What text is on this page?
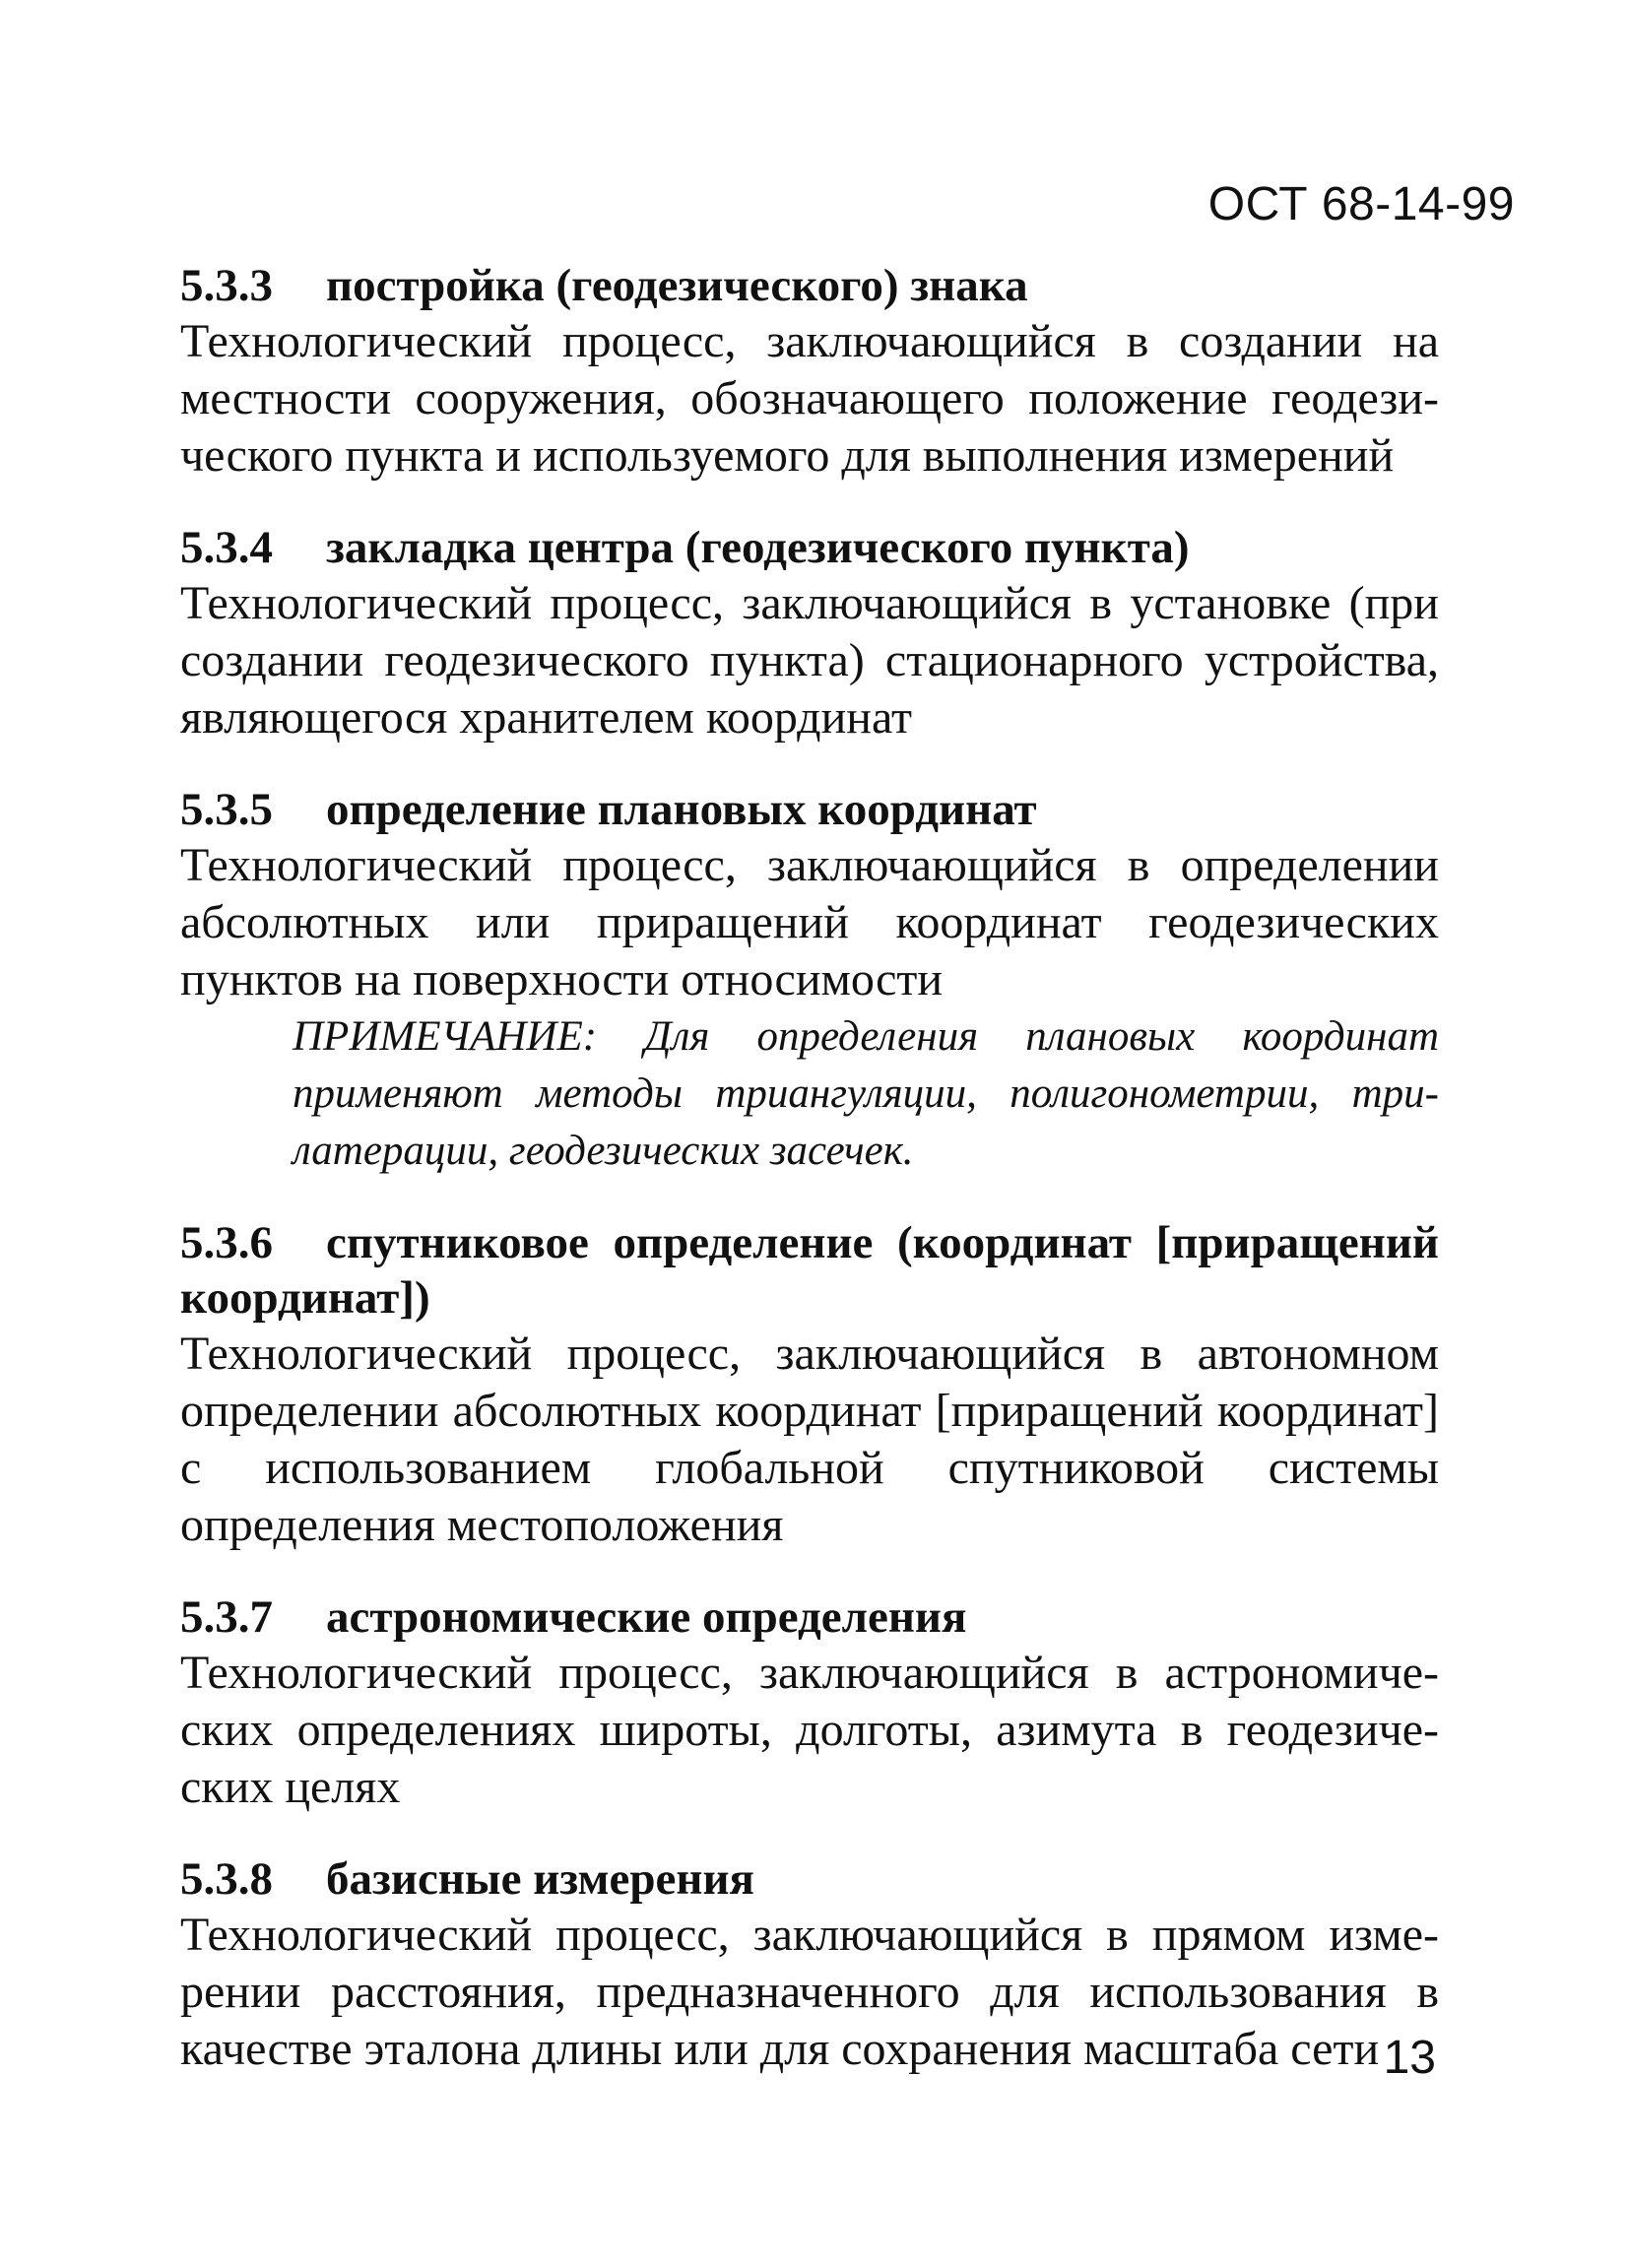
ОСТ 68-14-99

5.3.3 постройка (геодезического) знака

Технологический процесс, заключающийся в создании на местности сооружения, обозначающего положение геодезического пункта и используемого для выполнения измерений

5.3.4 закладка центра (геодезического пункта)

Технологический процесс, заключающийся в установке (при создании геодезического пункта) стационарного устройства, являющегося хранителем координат

5.3.5 определение плановых координат

Технологический процесс, заключающийся в определении абсолютных или приращений координат геодезических пунктов на поверхности относимости

ПРИМЕЧАНИЕ: Для определения плановых координат применяют методы триангуляции, полигонометрии, трилатерации, геодезических засечек.

5.3.6 спутниковое определение (координат [приращений координат])

Технологический процесс, заключающийся в автономном определении абсолютных координат [приращений координат] с использованием глобальной спутниковой системы определения местоположения

5.3.7 астрономические определения

Технологический процесс, заключающийся в астрономических определениях широты, долготы, азимута в геодезических целях

5.3.8 базисные измерения

Технологический процесс, заключающийся в прямом измерении расстояния, предназначенного для использования в качестве эталона длины или для сохранения масштаба сети 13
